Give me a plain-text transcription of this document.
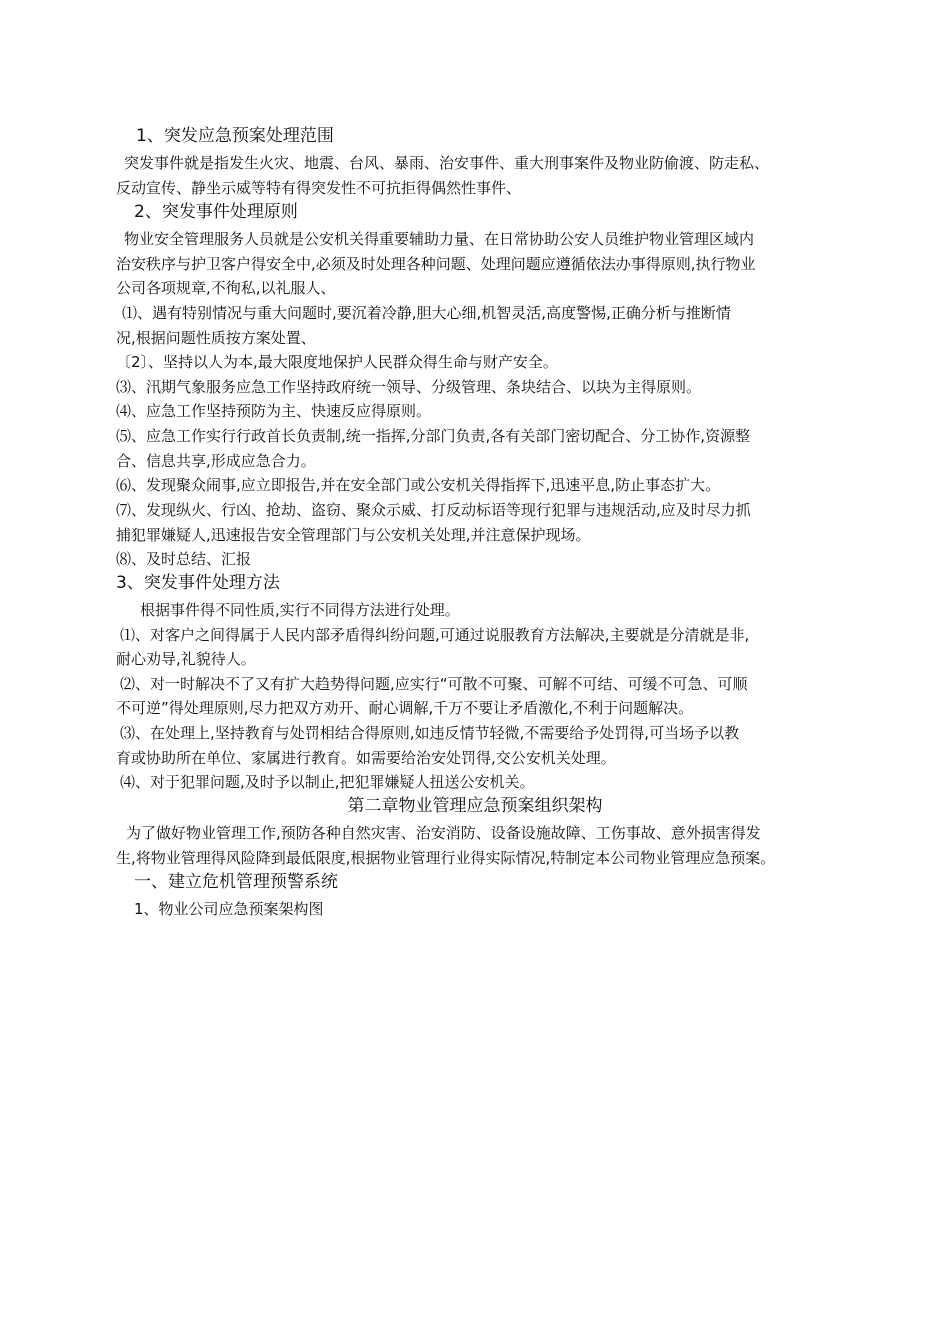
1、突发应急预案处理范围
突发事件就是指发生火灾、地震、台风、暴雨、治安事件、重大刑事案件及物业防偷渡、防走私、
反动宣传、静坐示威等特有得突发性不可抗拒得偶然性事件、
2、突发事件处理原则
物业安全管理服务人员就是公安机关得重要辅助力量、在日常协助公安人员维护物业管理区域内
治安秩序与护卫客户得安全中,必须及时处理各种问题、处理问题应遵循依法办事得原则,执行物业
公司各项规章,不徇私,以礼服人、
⑴、遇有特别情况与重大问题时,要沉着冷静,胆大心细,机智灵活,高度警惕,正确分析与推断情
况,根据问题性质按方案处置、
〔2〕、坚持以人为本,最大限度地保护人民群众得生命与财产安全。
⑶、汛期气象服务应急工作坚持政府统一领导、分级管理、条块结合、以块为主得原则。
⑷、应急工作坚持预防为主、快速反应得原则。
⑸、应急工作实行行政首长负责制,统一指挥,分部门负责,各有关部门密切配合、分工协作,资源整
合、信息共享,形成应急合力。
⑹、发现聚众闹事,应立即报告,并在安全部门或公安机关得指挥下,迅速平息,防止事态扩大。
⑺、发现纵火、行凶、抢劫、盗窃、聚众示威、打反动标语等现行犯罪与违规活动,应及时尽力抓
捕犯罪嫌疑人,迅速报告安全管理部门与公安机关处理,并注意保护现场。
⑻、及时总结、汇报
3、突发事件处理方法
根据事件得不同性质,实行不同得方法进行处理。
⑴、对客户之间得属于人民内部矛盾得纠纷问题,可通过说服教育方法解决,主要就是分清就是非,
耐心劝导,礼貌待人。
⑵、对一时解决不了又有扩大趋势得问题,应实行“可散不可聚、可解不可结、可缓不可急、可顺
不可逆”得处理原则,尽力把双方劝开、耐心调解,千万不要让矛盾激化,不利于问题解决。
⑶、在处理上,坚持教育与处罚相结合得原则,如违反情节轻微,不需要给予处罚得,可当场予以教
育或协助所在单位、家属进行教育。如需要给治安处罚得,交公安机关处理。
⑷、对于犯罪问题,及时予以制止,把犯罪嫌疑人扭送公安机关。
第二章物业管理应急预案组织架构
为了做好物业管理工作,预防各种自然灾害、治安消防、设备设施故障、工伤事故、意外损害得发
生,将物业管理得风险降到最低限度,根据物业管理行业得实际情况,特制定本公司物业管理应急预案。
一、建立危机管理预警系统
1、物业公司应急预案架构图
